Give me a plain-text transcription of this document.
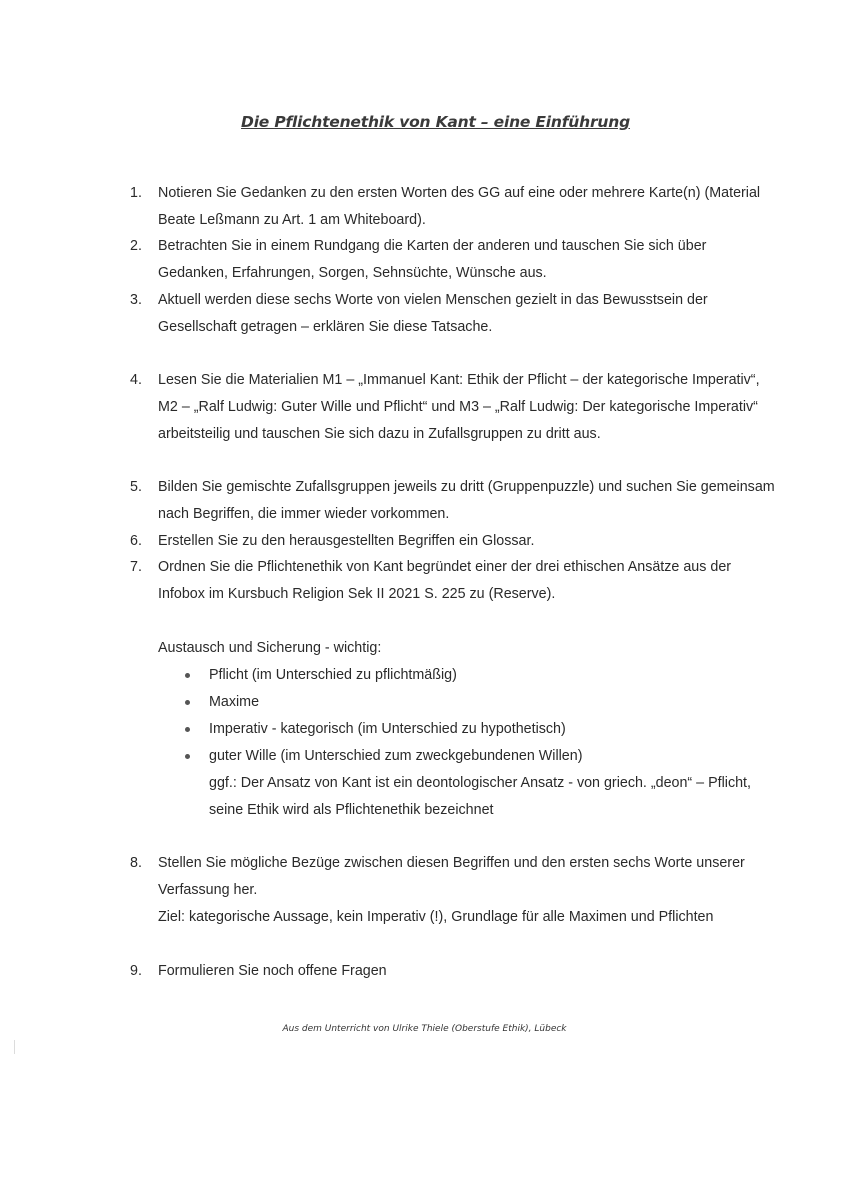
Die Pflichtenethik von Kant – eine Einführung
1.	Notieren Sie Gedanken zu den ersten Worten des GG auf eine oder mehrere Karte(n) (Material Beate Leßmann zu Art. 1 am Whiteboard).
2.	Betrachten Sie in einem Rundgang die Karten der anderen und tauschen Sie sich über Gedanken, Erfahrungen, Sorgen, Sehnsüchte, Wünsche aus.
3.	Aktuell werden diese sechs Worte von vielen Menschen gezielt in das Bewusstsein der Gesellschaft getragen – erklären Sie diese Tatsache.
4.	Lesen Sie die Materialien M1 – „Immanuel Kant: Ethik der Pflicht – der kategorische Imperativ“, M2 – „Ralf Ludwig: Guter Wille und Pflicht“ und M3 – „Ralf Ludwig: Der kategorische Imperativ“ arbeitsteilig und tauschen Sie sich dazu in Zufallsgruppen zu dritt aus.
5.	Bilden Sie gemischte Zufallsgruppen jeweils zu dritt (Gruppenpuzzle) und suchen Sie gemeinsam nach Begriffen, die immer wieder vorkommen.
6.	Erstellen Sie zu den herausgestellten Begriffen ein Glossar.
7.	Ordnen Sie die Pflichtenethik von Kant begründet einer der drei ethischen Ansätze aus der Infobox im Kursbuch Religion Sek II 2021 S. 225 zu (Reserve).
Austausch und Sicherung - wichtig:
Pflicht (im Unterschied zu pflichtmäßig)
Maxime
Imperativ - kategorisch (im Unterschied zu hypothetisch)
guter Wille (im Unterschied zum zweckgebundenen Willen)
ggf.: Der Ansatz von Kant ist ein deontologischer Ansatz - von griech. „deon“ – Pflicht, seine Ethik wird als Pflichtenethik bezeichnet
8.	Stellen Sie mögliche Bezüge zwischen diesen Begriffen und den ersten sechs Worte unserer Verfassung her.
Ziel: kategorische Aussage, kein Imperativ (!), Grundlage für alle Maximen und Pflichten
9.	Formulieren Sie noch offene Fragen
Aus dem Unterricht von Ulrike Thiele (Oberstufe Ethik), Lübeck
